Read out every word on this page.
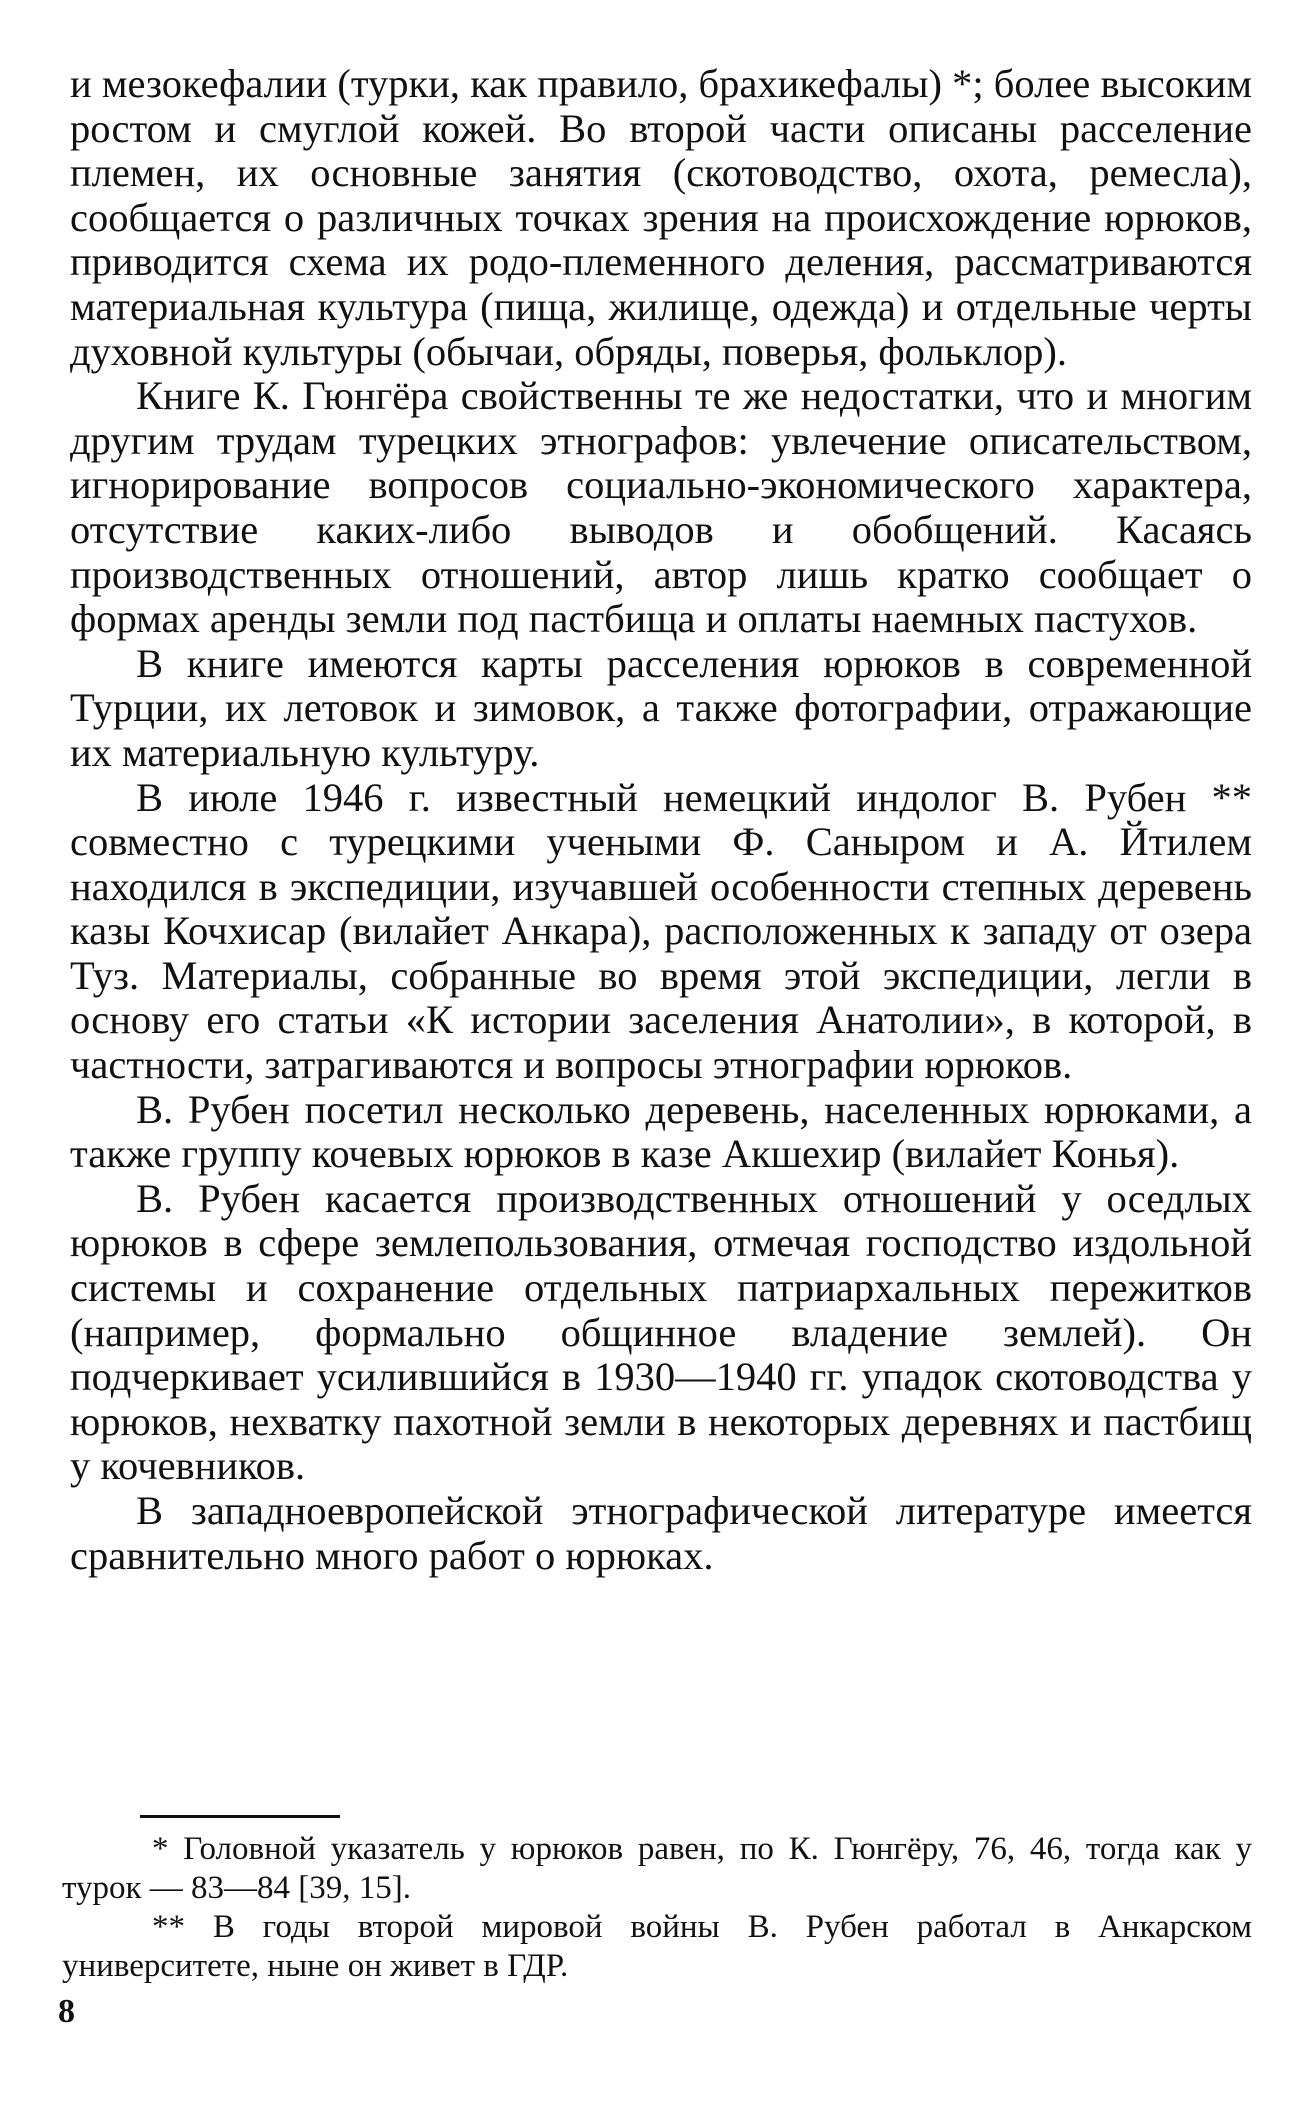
и мезокефалии (турки, как правило, брахикефалы) *; более высоким ростом и смуглой кожей. Во второй части описаны расселение племен, их основные занятия (скотоводство, охота, ремесла), сообщается о различных точках зрения на происхождение юрюков, приводится схема их родо-племенного деления, рассматриваются материальная культура (пища, жилище, одежда) и отдельные черты духовной культуры (обычаи, обряды, поверья, фольклор).

Книге К. Гюнгёра свойственны те же недостатки, что и многим другим трудам турецких этнографов: увлечение описательством, игнорирование вопросов социально-экономического характера, отсутствие каких-либо выводов и обобщений. Касаясь производственных отношений, автор лишь кратко сообщает о формах аренды земли под пастбища и оплаты наемных пастухов.

В книге имеются карты расселения юрюков в современной Турции, их летовок и зимовок, а также фотографии, отражающие их материальную культуру.

В июле 1946 г. известный немецкий индолог В. Рубен ** совместно с турецкими учеными Ф. Саныром и А. Йтилем находился в экспедиции, изучавшей особенности степных деревень казы Кочхисар (вилайет Анкара), расположенных к западу от озера Туз. Материалы, собранные во время этой экспедиции, легли в основу его статьи «К истории заселения Анатолии», в которой, в частности, затрагиваются и вопросы этнографии юрюков.

В. Рубен посетил несколько деревень, населенных юрюками, а также группу кочевых юрюков в казе Акшехир (вилайет Конья).

В. Рубен касается производственных отношений у оседлых юрюков в сфере землепользования, отмечая господство издольной системы и сохранение отдельных патриархальных пережитков (например, формально общинное владение землей). Он подчеркивает усилившийся в 1930—1940 гг. упадок скотоводства у юрюков, нехватку пахотной земли в некоторых деревнях и пастбищ у кочевников.

В западноевропейской этнографической литературе имеется сравнительно много работ о юрюках.

* Головной указатель у юрюков равен, по К. Гюнгёру, 76, 46, тогда как у турок — 83—84 [39, 15].

** В годы второй мировой войны В. Рубен работал в Анкарском университете, ныне он живет в ГДР.

8
